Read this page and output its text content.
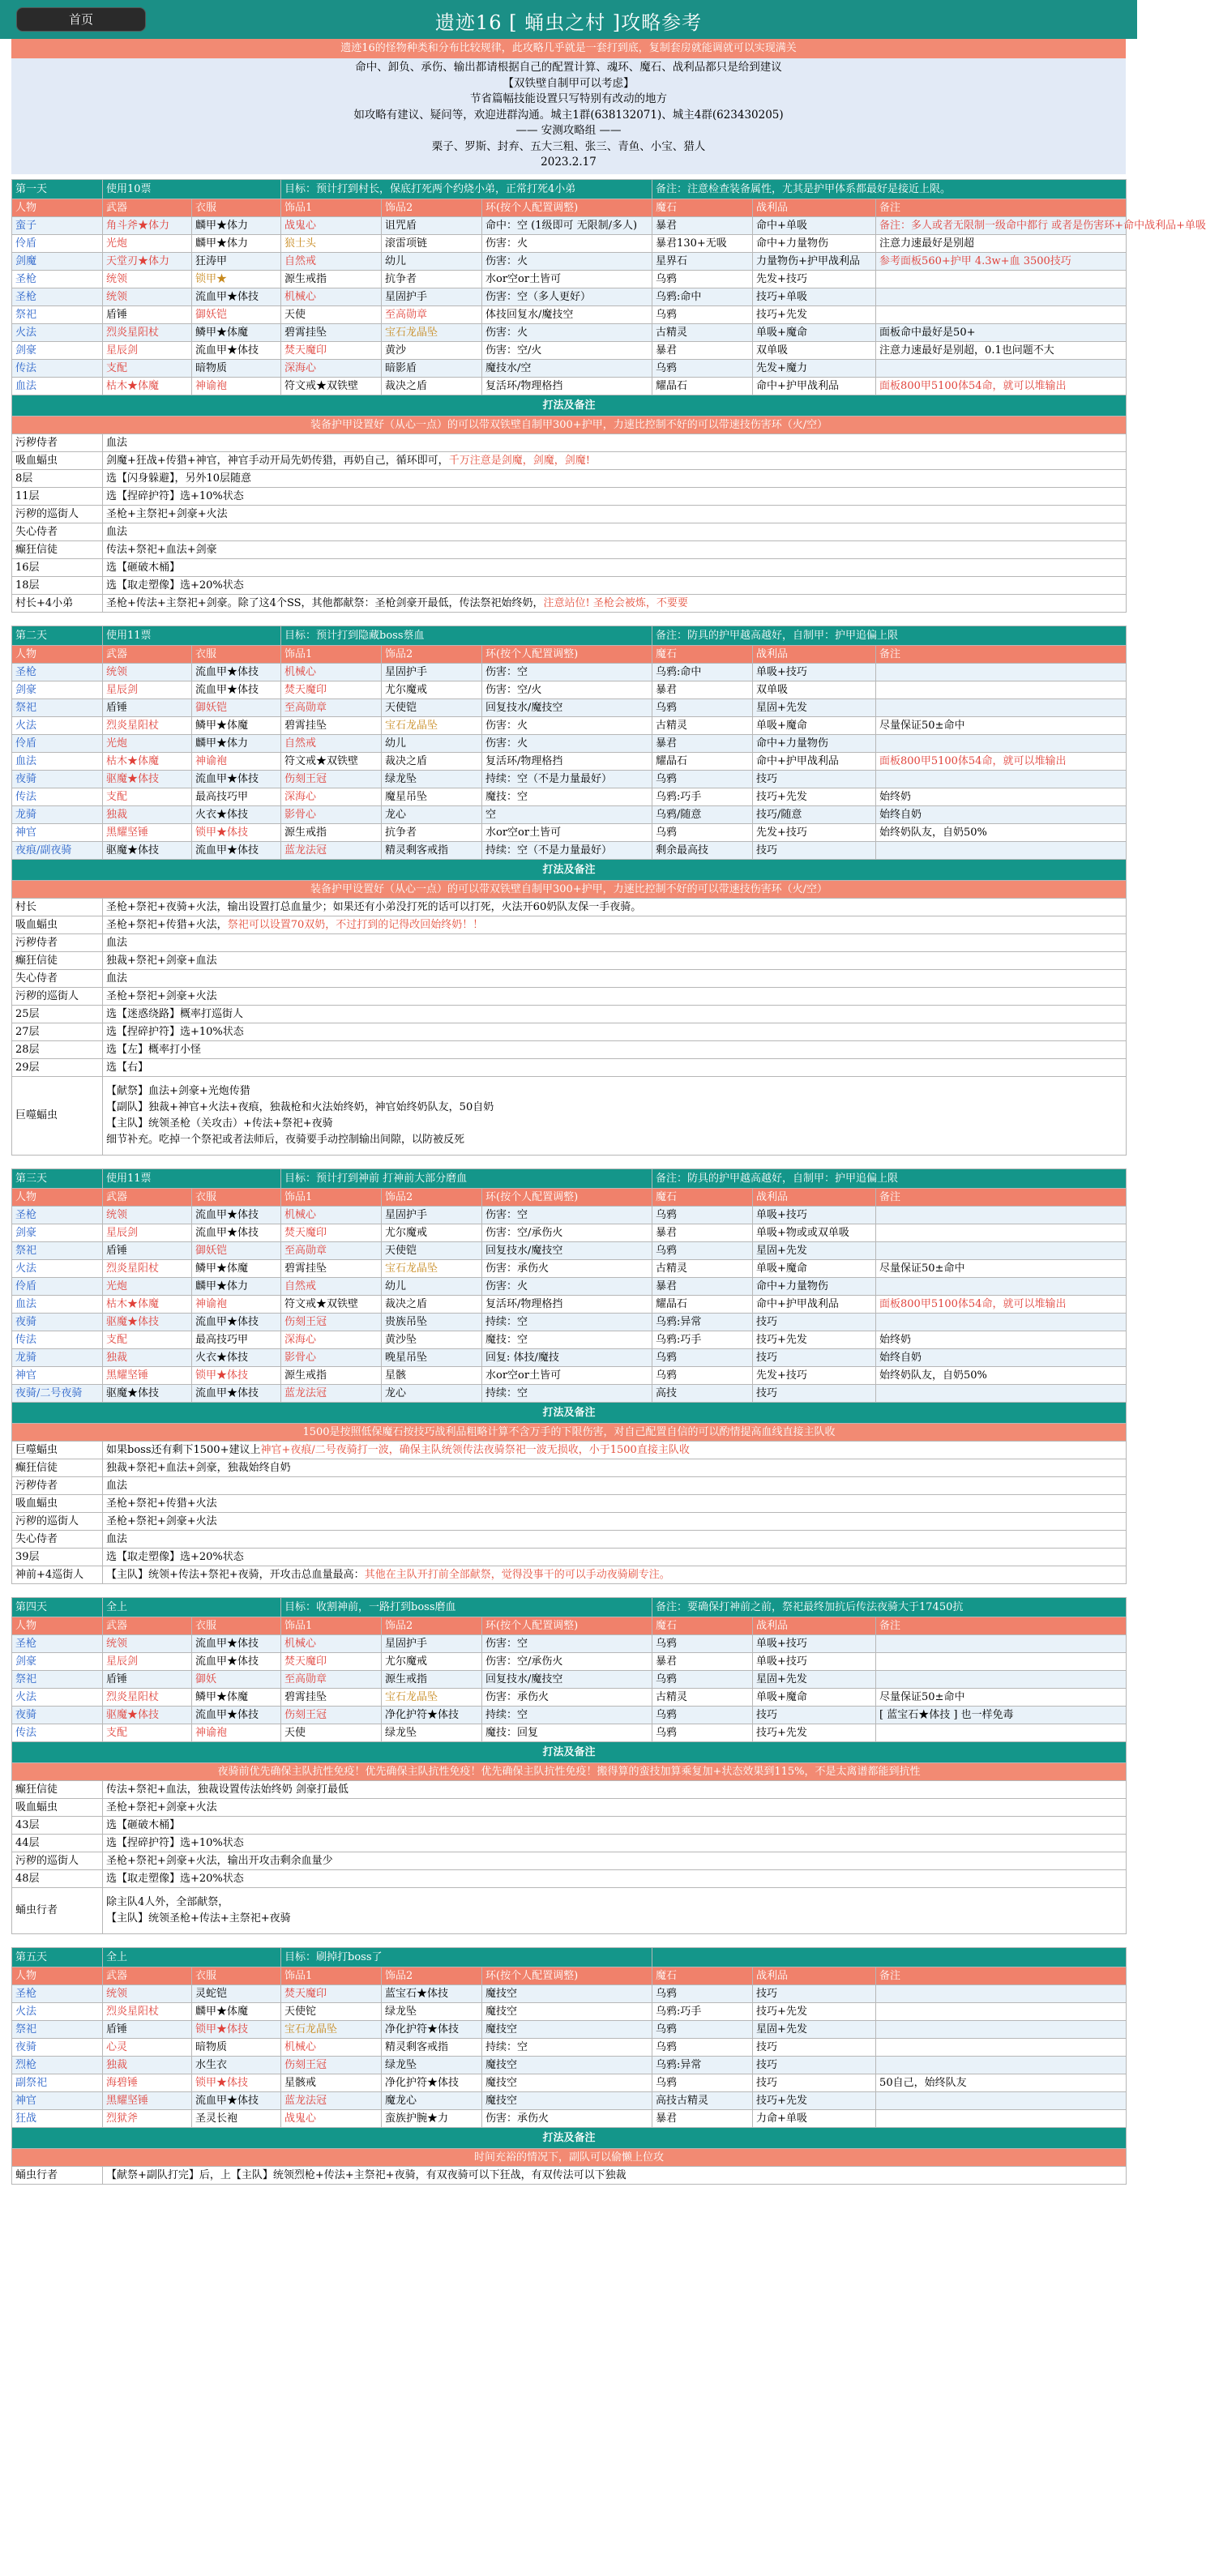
首页	遗迹16 [ 蛹虫之村 ]攻略参考
遗迹16的怪物种类和分布比较规律，此攻略几乎就是一套打到底，复制套房就能调就可以实现满关
命中、卸负、承伤、输出都请根据自己的配置计算、魂环、魔石、战利品都只是给到建议
【双铁壁自制甲可以考虑】
节省篇幅技能设置只写特别有改动的地方
如攻略有建议、疑问等，欢迎进群沟通。城主1群(638132071)、城主4群(623430205)
—— 安测攻略组 ——
栗子、罗斯、封弃、五大三粗、张三、青鱼、小宝、猎人
2023.2.17
第一天	使用10票		目标：预计打到村长，保底打死两个约烧小弟，正常打死4小弟			备注：注意检查装备属性，尤其是护甲体系都最好是接近上限。		
人物	武器	衣服	饰品1	饰品2	环(按个人配置调整)	魔石	战利品	备注
蛮子	角斗斧★体力	麟甲★体力	战鬼心	诅咒盾	命中：空 (1级即可 无限制/多人)	暴君	命中+单吸	备注：多人或者无限制一级命中都行 或者是伤害环+命中战利品+单吸
伶盾	光炮	麟甲★体力	狼士头	滚雷项链	伤害：火	暴君130+无吸	命中+力量物伤	注意力速最好是别超
剑魔	天堂刃★体力	狂涛甲	自然戒	幼儿	伤害：火	星界石	力量物伤+护甲战利品	参考面板560+护甲 4.3w+血 3500技巧
圣枪	统领	锁甲★	源生戒指	抗争者	水or空or土皆可	乌鸦	先发+技巧	
圣枪	统领	流血甲★体技	机械心	星固护手	伤害：空（多人更好）	乌鸦:命中	技巧+单吸	
祭祀	盾锤	御妖铠	天使	至高勋章	体技回复水/魔技空	乌鸦	技巧+先发	
火法	烈炎星阳杖	鳞甲★体魔	碧霄挂坠	宝石龙晶坠	伤害：火	古精灵	单吸+魔命	面板命中最好是50+
剑豪	星辰剑	流血甲★体技	焚天魔印	黄沙	伤害：空/火	暴君	双单吸	注意力速最好是别超，0.1也问题不大
传法	支配	暗物质	深海心	暗影盾	魔技水/空	乌鸦	先发+魔力	
血法	枯木★体魔	神谕袍	符文戒★双铁壁	裁决之盾	复活环/物理格挡	耀晶石	命中+护甲战利品	面板800甲5100体54命，就可以堆输出
打法及备注								
装备护甲设置好（从心一点）的可以带双铁壁自制甲300+护甲，力速比控制不好的可以带速技伤害环（火/空）								
污秽侍者	血法							
吸血蝠虫	剑魔+狂战+传猎+神官，神官手动开局先奶传猎，再奶自己，循环即可，千万注意是剑魔，剑魔，剑魔!							
8层	选【闪身躲避】，另外10层随意							
11层	选【捏碎护符】选+10%状态							
污秽的巡街人	圣枪+主祭祀+剑豪+火法							
失心侍者	血法							
癫狂信徒	传法+祭祀+血法+剑豪							
16层	选【砸破木桶】							
18层	选【取走塑像】选+20%状态							
村长+4小弟	圣枪+传法+主祭祀+剑豪。除了这4个SS，其他都献祭：圣枪剑豪开最低，传法祭祀始终奶，注意站位! 圣枪会被炼，不要要							
第二天	使用11票		目标：预计打到隐藏boss蔡血			备注：防具的护甲越高越好，自制甲：护甲追偏上限		
人物	武器	衣服	饰品1	饰品2	环(按个人配置调整)	魔石	战利品	备注
圣枪	统领	流血甲★体技	机械心	星固护手	伤害：空	乌鸦:命中	单吸+技巧	
剑豪	星辰剑	流血甲★体技	焚天魔印	尤尔魔戒	伤害：空/火	暴君	双单吸	
祭祀	盾锤	御妖铠	至高勋章	天使铠	回复技水/魔技空	乌鸦	星固+先发	
火法	烈炎星阳杖	鳞甲★体魔	碧霄挂坠	宝石龙晶坠	伤害：火	古精灵	单吸+魔命	尽量保证50±命中
伶盾	光炮	麟甲★体力	自然戒	幼儿	伤害：火	暴君	命中+力量物伤	
血法	枯木★体魔	神谕袍	符文戒★双铁壁	裁决之盾	复活环/物理格挡	耀晶石	命中+护甲战利品	面板800甲5100体54命，就可以堆输出
夜骑	驱魔★体技	流血甲★体技	伤刻王冠	绿龙坠	持续：空（不是力量最好）	乌鸦	技巧	
传法	支配	最高技巧甲	深海心	魔星吊坠	魔技：空	乌鸦:巧手	技巧+先发	始终奶
龙骑	独裁	火衣★体技	影骨心	龙心	空	乌鸦/随意	技巧/随意	始终自奶
神官	黑耀坚锤	锁甲★体技	源生戒指	抗争者	水or空or土皆可	乌鸦	先发+技巧	始终奶队友，自奶50%
夜痕/副夜骑	驱魔★体技	流血甲★体技	蓝龙法冠	精灵剩客戒指	持续：空（不是力量最好）	剩余最高技	技巧	
打法及备注								
装备护甲设置好（从心一点）的可以带双铁壁自制甲300+护甲，力速比控制不好的可以带速技伤害环（火/空）								
村长	圣枪+祭祀+夜骑+火法，输出设置打总血量少；如果还有小弟没打死的话可以打死，火法开60奶队友保一手夜骑。							
吸血蝠虫	圣枪+祭祀+传猎+火法，祭祀可以设置70双奶，不过打到的记得改回始终奶！！							
污秽侍者	血法							
癫狂信徒	独裁+祭祀+剑豪+血法							
失心侍者	血法							
污秽的巡街人	圣枪+祭祀+剑豪+火法							
25层	选【迷惑绕路】概率打巡街人							
27层	选【捏碎护符】选+10%状态							
28层	选【左】概率打小怪							
29层	选【右】							
巨噬蝠虫	【献祭】血法+剑豪+光炮传猎
【副队】独裁+神官+火法+夜痕，独裁枪和火法始终奶，神官始终奶队友，50自奶
【主队】统领圣枪（关攻击）+传法+祭祀+夜骑
细节补充。吃掉一个祭祀或者法师后，夜骑要手动控制输出间隙，以防被反死							
第三天	使用11票		目标：预计打到神前 打神前大部分磨血			备注：防具的护甲越高越好，自制甲：护甲追偏上限		
人物	武器	衣服	饰品1	饰品2	环(按个人配置调整)	魔石	战利品	备注
圣枪	统领	流血甲★体技	机械心	星固护手	伤害：空	乌鸦	单吸+技巧	
剑豪	星辰剑	流血甲★体技	焚天魔印	尤尔魔戒	伤害：空/承伤火	暴君	单吸+物或或双单吸	
祭祀	盾锤	御妖铠	至高勋章	天使铠	回复技水/魔技空	乌鸦	星固+先发	
火法	烈炎星阳杖	鳞甲★体魔	碧霄挂坠	宝石龙晶坠	伤害：承伤火	古精灵	单吸+魔命	尽量保证50±命中
伶盾	光炮	麟甲★体力	自然戒	幼儿	伤害：火	暴君	命中+力量物伤	
血法	枯木★体魔	神谕袍	符文戒★双铁壁	裁决之盾	复活环/物理格挡	耀晶石	命中+护甲战利品	面板800甲5100体54命，就可以堆输出
夜骑	驱魔★体技	流血甲★体技	伤刻王冠	贵族吊坠	持续：空	乌鸦:异常	技巧	
传法	支配	最高技巧甲	深海心	黄沙坠	魔技：空	乌鸦:巧手	技巧+先发	始终奶
龙骑	独裁	火衣★体技	影骨心	晚星吊坠	回复: 体技/魔技	乌鸦	技巧	始终自奶
神官	黑耀坚锤	锁甲★体技	源生戒指	星骸	水or空or土皆可	乌鸦	先发+技巧	始终奶队友，自奶50%
夜骑/二号夜骑	驱魔★体技	流血甲★体技	蓝龙法冠	龙心	持续：空	高技	技巧	
打法及备注								
1500是按照低保魔石按技巧战利品粗略计算不含万手的下限伤害，对自己配置自信的可以酌情提高血线直接主队收								
巨噬蝠虫	如果boss还有剩下1500+建议上神官+夜痕/二号夜骑打一波，确保主队统领传法夜骑祭祀一波无损收，小于1500直接主队收							
癫狂信徒	独裁+祭祀+血法+剑豪，独裁始终自奶							
污秽侍者	血法							
吸血蝠虫	圣枪+祭祀+传猎+火法							
污秽的巡街人	圣枪+祭祀+剑豪+火法							
失心侍者	血法							
39层	选【取走塑像】选+20%状态							
神前+4巡街人	【主队】统领+传法+祭祀+夜骑，开攻击总血量最高：其他在主队开打前全部献祭，觉得没事干的可以手动夜骑刷专注。							
第四天	全上		目标：收割神前，一路打到boss磨血			备注：要确保打神前之前，祭祀最终加抗后传法夜骑大于17450抗		
人物	武器	衣服	饰品1	饰品2	环(按个人配置调整)	魔石	战利品	备注
圣枪	统领	流血甲★体技	机械心	星固护手	伤害：空	乌鸦	单吸+技巧	
剑豪	星辰剑	流血甲★体技	焚天魔印	尤尔魔戒	伤害：空/承伤火	暴君	单吸+技巧	
祭祀	盾锤	御妖	至高勋章	源生戒指	回复技水/魔技空	乌鸦	星固+先发	
火法	烈炎星阳杖	鳞甲★体魔	碧霄挂坠	宝石龙晶坠	伤害：承伤火	古精灵	单吸+魔命	尽量保证50±命中
夜骑	驱魔★体技	流血甲★体技	伤刻王冠	净化护符★体技	持续：空	乌鸦	技巧	[ 蓝宝石★体技 ] 也一样免毒
传法	支配	神谕袍	天使	绿龙坠	魔技：回复	乌鸦	技巧+先发	
打法及备注								
夜骑前优先确保主队抗性免疫！优先确保主队抗性免疫！优先确保主队抗性免疫！搬得算的蛮技加算乘复加+状态效果到115%，不是太离谱都能到抗性								
癫狂信徒	传法+祭祀+血法，独裁设置传法始终奶 剑豪打最低							
吸血蝠虫	圣枪+祭祀+剑豪+火法							
43层	选【砸破木桶】							
44层	选【捏碎护符】选+10%状态							
污秽的巡街人	圣枪+祭祀+剑豪+火法，输出开攻击剩余血量少							
48层	选【取走塑像】选+20%状态							
蛹虫行者	除主队4人外，全部献祭，
【主队】统领圣枪+传法+主祭祀+夜骑							
第五天	全上		目标：刷掉打boss了					
人物	武器	衣服	饰品1	饰品2	环(按个人配置调整)	魔石	战利品	备注
圣枪	统领	灵蛇铠	焚天魔印	蓝宝石★体技	魔技空	乌鸦	技巧	
火法	烈炎星阳杖	麟甲★体魔	天使铊	绿龙坠	魔技空	乌鸦:巧手	技巧+先发	
祭祀	盾锤	锁甲★体技	宝石龙晶坠	净化护符★体技	魔技空	乌鸦	星固+先发	
夜骑	心灵	暗物质	机械心	精灵剩客戒指	持续：空	乌鸦	技巧	
烈枪	独裁	水生衣	伤刻王冠	绿龙坠	魔技空	乌鸦:异常	技巧	
副祭祀	海碧锤	锁甲★体技	星骸戒	净化护符★体技	魔技空	乌鸦	技巧	50自己，始终队友
神官	黑耀坚锤	流血甲★体技	蓝龙法冠	魔龙心	魔技空	高技古精灵	技巧+先发	
狂战	烈狱斧	圣灵长袍	战鬼心	蛮族护腕★力	伤害：承伤火	暴君	力命+单吸	
打法及备注								
时间充裕的情况下，副队可以偷懒上位攻								
蛹虫行者	【献祭+副队打完】后，上【主队】统领烈枪+传法+主祭祀+夜骑，有双夜骑可以下狂战，有双传法可以下独裁							
